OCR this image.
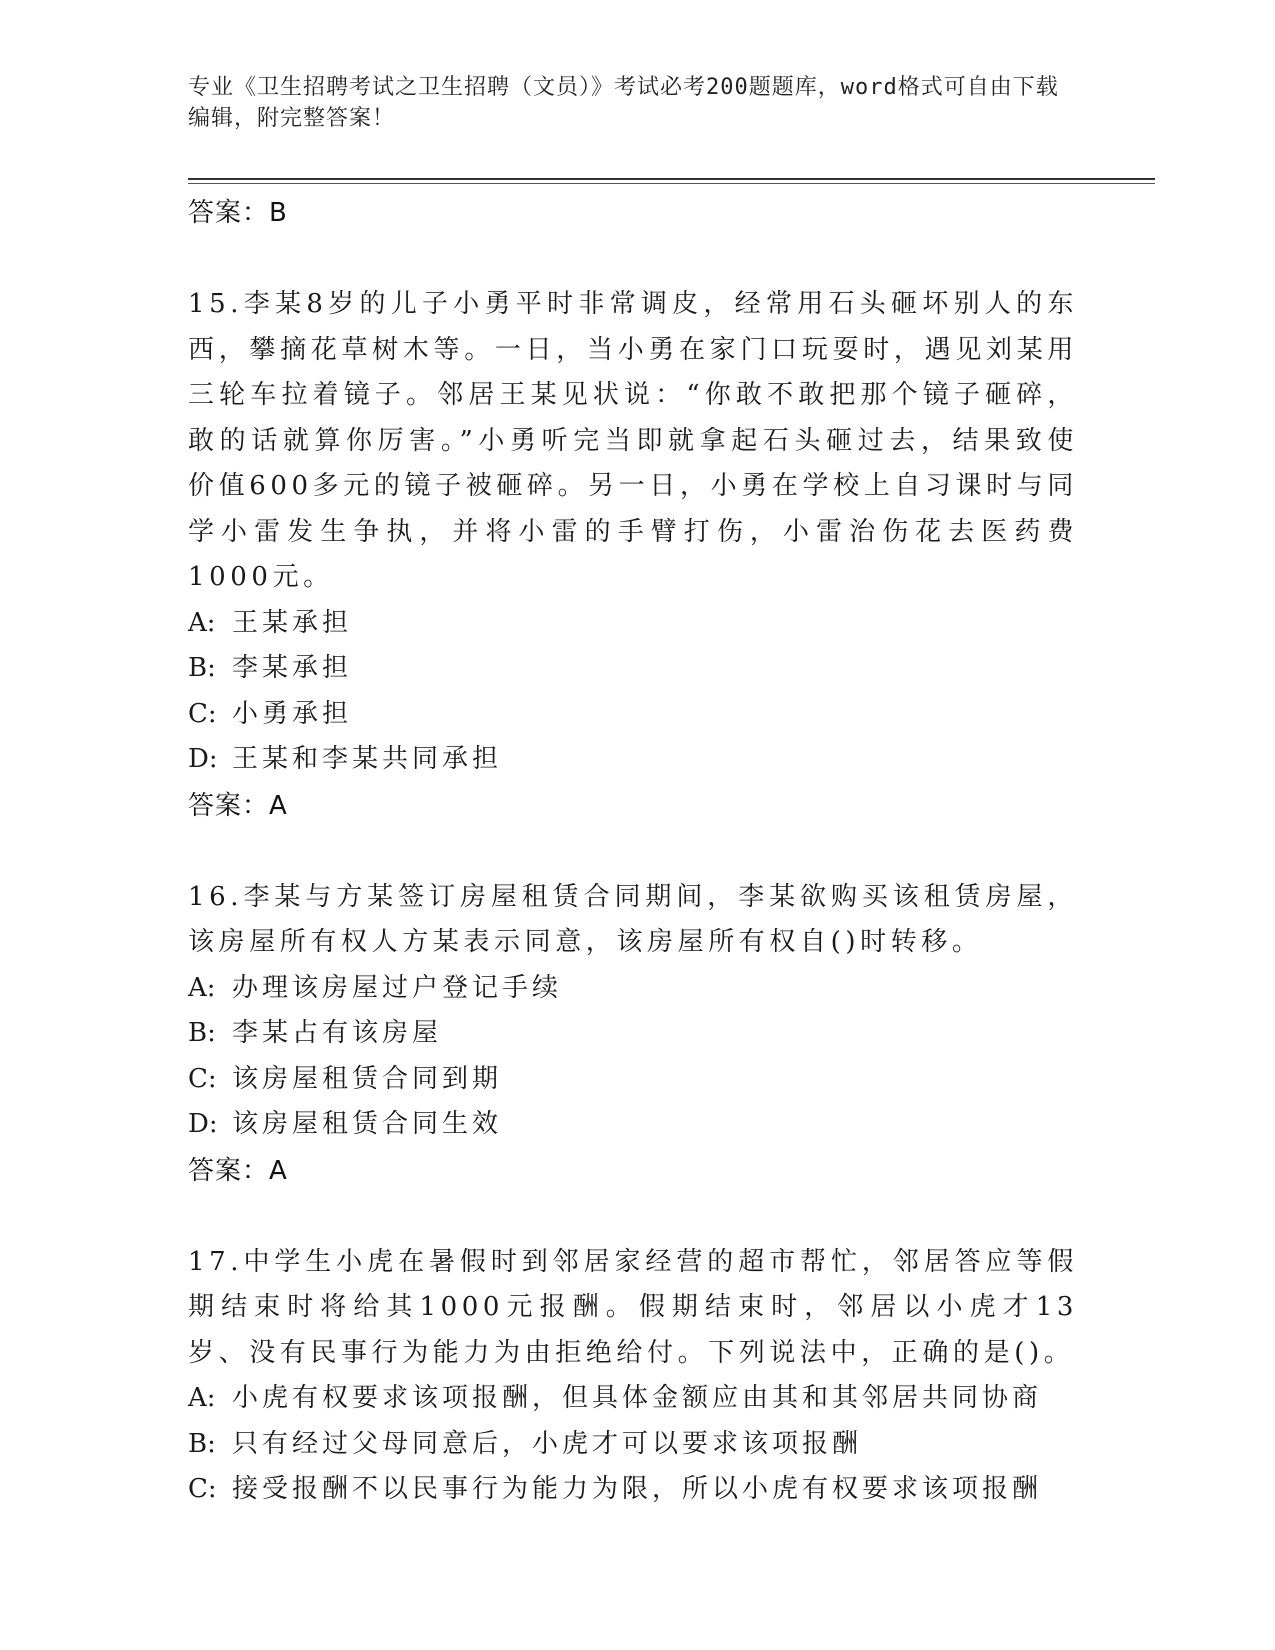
专业《卫生招聘考试之卫生招聘（文员）》考试必考200题题库，word格式可自由下载编辑，附完整答案！
答案：B

15.李某8岁的儿子小勇平时非常调皮，经常用石头砸坏别人的东西，攀摘花草树木等。一日，当小勇在家门口玩耍时，遇见刘某用三轮车拉着镜子。邻居王某见状说：“你敢不敢把那个镜子砸碎，敢的话就算你厉害。”小勇听完当即就拿起石头砸过去，结果致使价值600多元的镜子被砸碎。另一日，小勇在学校上自习课时与同学小雷发生争执，并将小雷的手臂打伤，小雷治伤花去医药费1000元。

A: 王某承担
B: 李某承担
C: 小勇承担
D: 王某和李某共同承担
答案：A

16.李某与方某签订房屋租赁合同期间，李某欲购买该租赁房屋，该房屋所有权人方某表示同意，该房屋所有权自()时转移。

A: 办理该房屋过户登记手续
B: 李某占有该房屋
C: 该房屋租赁合同到期
D: 该房屋租赁合同生效
答案：A

17.中学生小虎在暑假时到邻居家经营的超市帮忙，邻居答应等假期结束时将给其1000元报酬。假期结束时，邻居以小虎才13岁、没有民事行为能力为由拒绝给付。下列说法中，正确的是()。

A: 小虎有权要求该项报酬，但具体金额应由其和其邻居共同协商
B: 只有经过父母同意后，小虎才可以要求该项报酬
C: 接受报酬不以民事行为能力为限，所以小虎有权要求该项报酬
